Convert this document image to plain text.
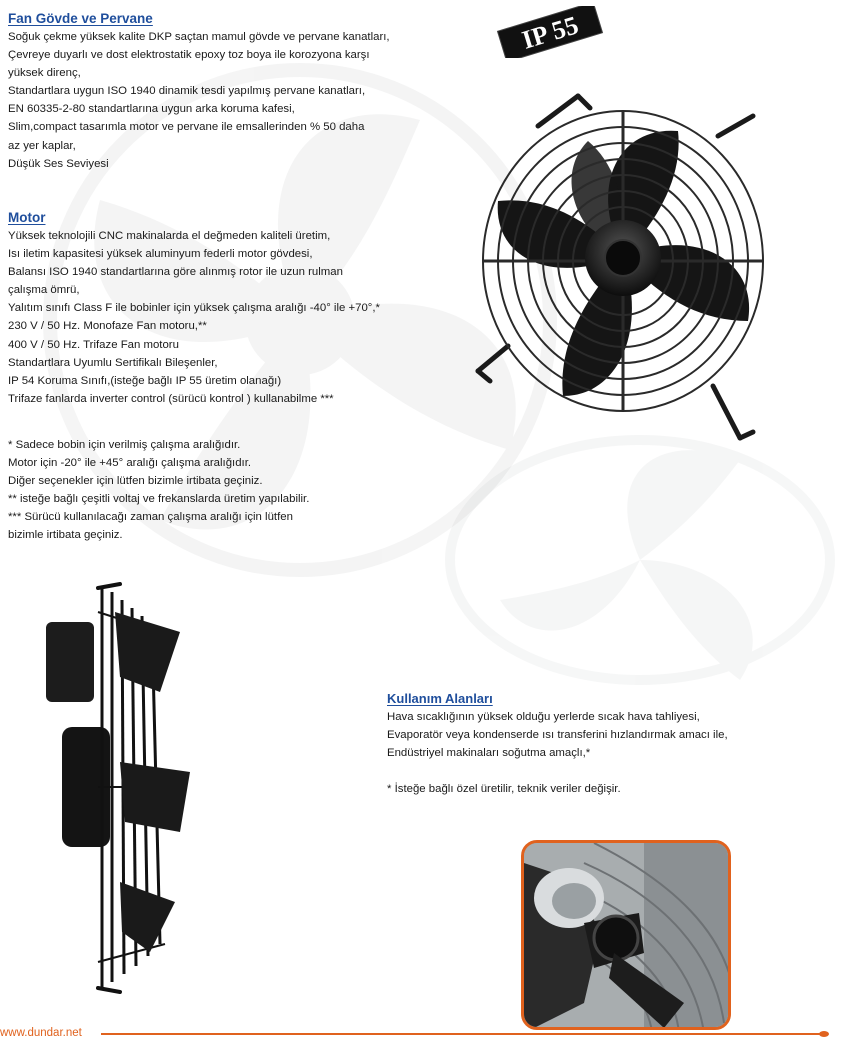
Fan Gövde ve Pervane
Soğuk çekme yüksek kalite DKP saçtan mamul gövde ve pervane kanatları,
Çevreye duyarlı ve dost elektrostatik epoxy toz boya ile korozyona karşı
yüksek direnç,
Standartlara uygun ISO 1940 dinamik tesdi yapılmış pervane kanatları,
EN 60335-2-80 standartlarına uygun arka koruma kafesi,
Slim,compact tasarımla motor ve pervane ile emsallerinden % 50 daha
az yer kaplar,
Düşük Ses Seviyesi
Motor
Yüksek teknolojili CNC makinalarda el değmeden kaliteli üretim,
Isı iletim kapasitesi yüksek aluminyum federli motor gövdesi,
Balansı ISO 1940 standartlarına göre alınmış rotor ile uzun rulman
çalışma ömrü,
Yalıtım sınıfı Class F ile bobinler için yüksek çalışma aralığı -40° ile +70°,*
230 V / 50 Hz. Monofaze Fan motoru,**
400 V / 50 Hz. Trifaze Fan motoru
Standartlara Uyumlu Sertifikalı Bileşenler,
IP 54 Koruma Sınıfı,(isteğe bağlı IP 55 üretim olanağı)
Trifaze fanlarda inverter control (sürücü kontrol ) kullanabilme ***
* Sadece bobin için verilmiş çalışma aralığıdır.
Motor için -20° ile +45° aralığı çalışma aralığıdır.
Diğer seçenekler için lütfen bizimle irtibata geçiniz.
** isteğe bağlı çeşitli voltaj ve frekanslarda üretim yapılabilir.
*** Sürücü kullanılacağı zaman çalışma aralığı için lütfen
bizimle irtibata geçiniz.
Kullanım Alanları
Hava sıcaklığının yüksek olduğu yerlerde sıcak hava tahliyesi,
Evaporatör veya kondenserde ısı transferini hızlandırmak amacı ile,
Endüstriyel makinaları soğutma amaçlı,*

* İsteğe bağlı özel üretilir, teknik veriler değişir.
IP 55
www.dundar.net
